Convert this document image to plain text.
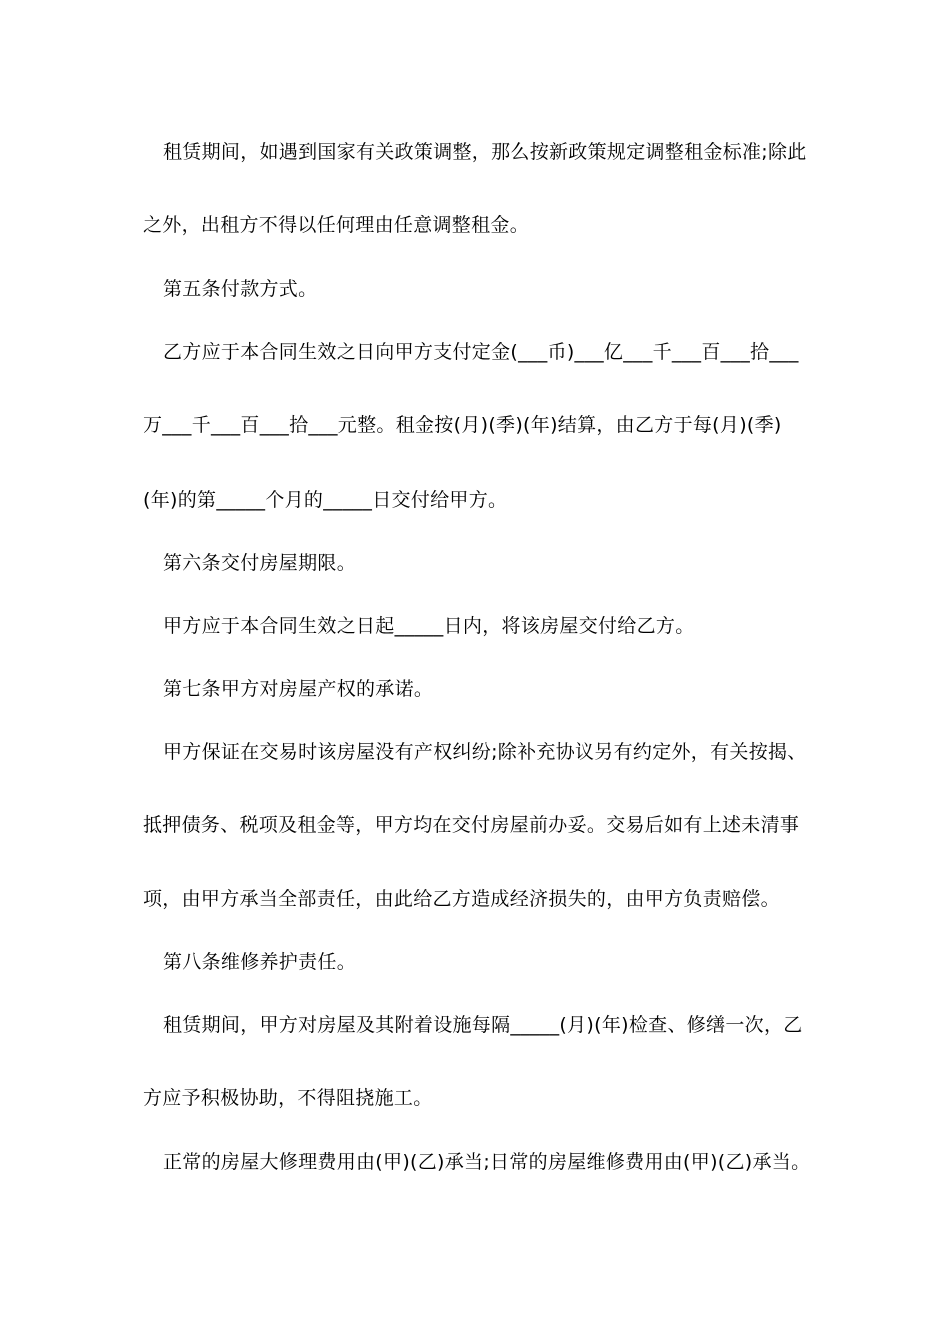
租赁期间，如遇到国家有关政策调整，那么按新政策规定调整租金标准;除此
之外，出租方不得以任何理由任意调整租金。
第五条付款方式。
乙方应于本合同生效之日向甲方支付定金(___币)___亿___千___百___拾___
万___千___百___拾___元整。租金按(月)(季)(年)结算，由乙方于每(月)(季)
(年)的第_____个月的_____日交付给甲方。
第六条交付房屋期限。
甲方应于本合同生效之日起_____日内，将该房屋交付给乙方。
第七条甲方对房屋产权的承诺。
甲方保证在交易时该房屋没有产权纠纷;除补充协议另有约定外，有关按揭、
抵押债务、税项及租金等，甲方均在交付房屋前办妥。交易后如有上述未清事
项，由甲方承当全部责任，由此给乙方造成经济损失的，由甲方负责赔偿。
第八条维修养护责任。
租赁期间，甲方对房屋及其附着设施每隔_____(月)(年)检查、修缮一次，乙
方应予积极协助，不得阻挠施工。
正常的房屋大修理费用由(甲)(乙)承当;日常的房屋维修费用由(甲)(乙)承当。
